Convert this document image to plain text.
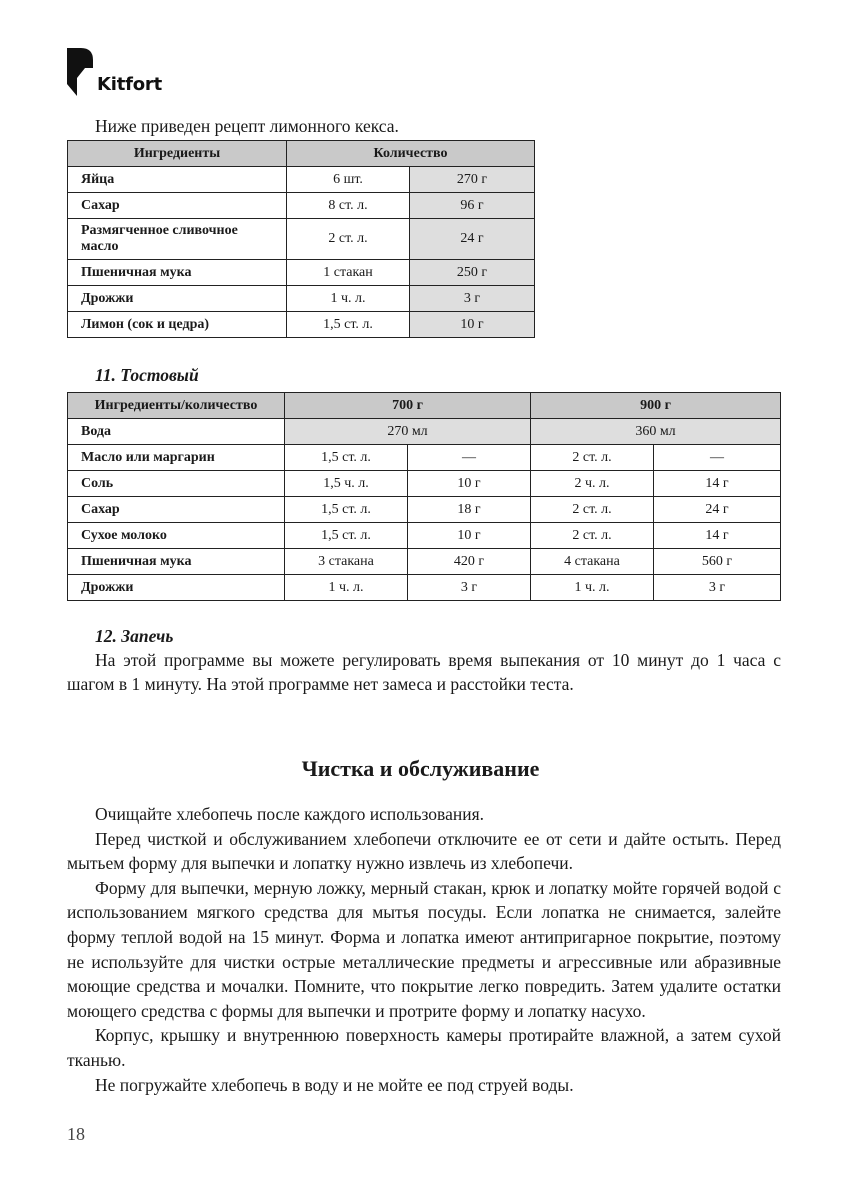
Kitfort

Ниже приведен рецепт лимонного кекса.

Ингредиенты	Количество	
Яйца	6 шт.	270 г
Сахар	8 ст. л.	96 г
Размягченное сливочное масло	2 ст. л.	24 г
Пшеничная мука	1 стакан	250 г
Дрожжи	1 ч. л.	3 г
Лимон (сок и цедра)	1,5 ст. л.	10 г

11. Тостовый

Ингредиенты/количество	700 г		900 г	
Вода	270 мл		360 мл	
Масло или маргарин	1,5 ст. л.	—	2 ст. л.	—
Соль	1,5 ч. л.	10 г	2 ч. л.	14 г
Сахар	1,5 ст. л.	18 г	2 ст. л.	24 г
Сухое молоко	1,5 ст. л.	10 г	2 ст. л.	14 г
Пшеничная мука	3 стакана	420 г	4 стакана	560 г
Дрожжи	1 ч. л.	3 г	1 ч. л.	3 г

12. Запечь

На этой программе вы можете регулировать время выпекания от 10 минут до 1 часа с шагом в 1 минуту. На этой программе нет замеса и расстойки теста.

Чистка и обслуживание

Очищайте хлебопечь после каждого использования.

Перед чисткой и обслуживанием хлебопечи отключите ее от сети и дайте остыть. Перед мытьем форму для выпечки и лопатку нужно извлечь из хлебопечи.

Форму для выпечки, мерную ложку, мерный стакан, крюк и лопатку мойте горячей водой с использованием мягкого средства для мытья посуды. Если лопатка не снимается, залейте форму теплой водой на 15 минут. Форма и лопатка имеют антипригарное покрытие, поэтому не используйте для чистки острые металлические предметы и агрессивные или абразивные моющие средства и мочалки. Помните, что покрытие легко повредить. Затем удалите остатки моющего средства с формы для выпечки и протрите форму и лопатку насухо.

Корпус, крышку и внутреннюю поверхность камеры протирайте влажной, а затем сухой тканью.

Не погружайте хлебопечь в воду и не мойте ее под струей воды.

18
